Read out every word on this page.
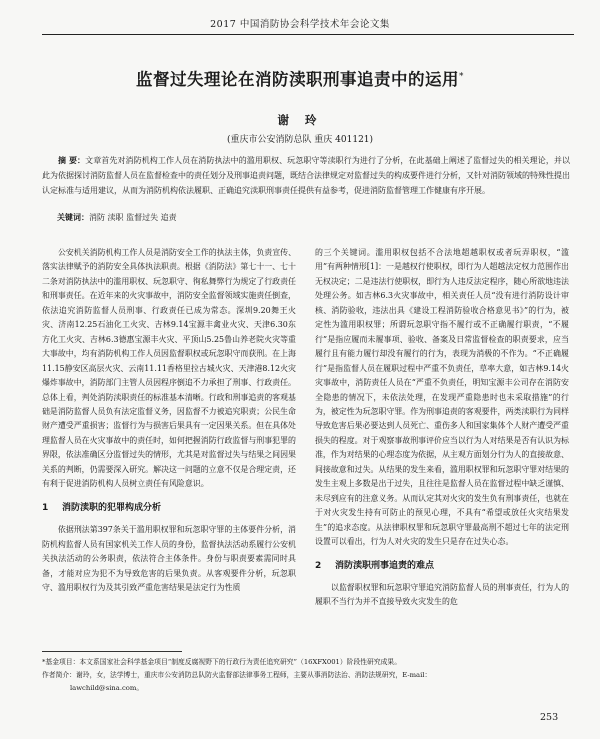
2017 中国消防协会科学技术年会论文集
监督过失理论在消防渎职刑事追责中的运用*
谢 玲
(重庆市公安消防总队 重庆 401121)
摘 要：文章首先对消防机构工作人员在消防执法中的滥用职权、玩忽职守等渎职行为进行了分析，在此基础上阐述了监督过失的相关理论，并以此为依据探讨消防监督人员在监督检查中的责任划分及刑事追责问题，既结合法律规定对监督过失的构成要件进行分析，又针对消防领域的特殊性提出认定标准与适用建议，从而为消防机构依法履职、正确追究渎职刑事责任提供有益参考，促进消防监督管理工作健康有序开展。
关键词：消防 渎职 监督过失 追责

公安机关消防机构工作人员是消防安全工作的执法主体，负责宣传、落实法律赋予的消防安全具体执法职责。根据《消防法》第七十一、七十二条对消防执法中的滥用职权、玩忽职守、徇私舞弊行为规定了行政责任和刑事责任。在近年来的火灾事故中，消防安全监督领域实施责任倒查，依法追究消防监督人员刑事、行政责任已成为常态。深圳9.20舞王火灾、济南12.25石油化工火灾、吉林9.14宝源丰禽业火灾、天津6.30东方化工火灾、吉林6.3德惠宝源丰火灾、平顶山5.25鲁山养老院火灾等重大事故中，均有消防机构工作人员因监督职权或玩忽职守而获刑。在上海11.15静安区高层火灾、云南11.11香格里拉古城火灾、天津港8.12火灾爆炸事故中，消防部门主管人员因程序倒追不力承担了刑事、行政责任。总体上看，判处消防渎职责任的标准基本清晰。行政和刑事追责的客观基础是消防监督人员负有法定监督义务，因监督不力被追究职责；公民生命财产遭受严重损害；监督行为与损害后果具有一定因果关系。但在具体处理监督人员在火灾事故中的责任时，如何把握消防行政监督与刑事犯罪的界限，依法准确区分监督过失的情形，尤其是对监督过失与结果之间因果关系的判断，仍需要深入研究。解决这一问题的立意不仅是合理定责，还有利于促进消防机构人员树立责任有风险意识。

1 消防渎职的犯罪构成分析

依据刑法第397条关于滥用职权罪和玩忽职守罪的主体要件分析，消防机构监督人员有国家机关工作人员的身份，监督执法活动系履行公安机关执法活动的公务职责，依法符合主体条件。身份与职责要素需同时具备，才能对应为犯不为导致危害的后果负责。从客观要件分析，玩忽职守、滥用职权行为及其引致严重危害结果是法定行为性质

的三个关键词。滥用职权包括不合法地超越职权或者玩弄职权，“滥用”有两种情形[1]：一是越权行使职权，即行为人超越法定权力范围作出无权决定；二是违法行使职权，即行为人违反法定程序，随心所欲地违法处理公务。如吉林6.3火灾事故中，相关责任人员“没有进行消防设计审核、消防验收，违法出具《建设工程消防验收合格意见书》”的行为，被定性为滥用职权罪；所谓玩忽职守指不履行或不正确履行职责，“不履行”是指应履而未履事项、验收、备案及日常监督检查的职责要求，应当履行且有能力履行却没有履行的行为，表现为消极的不作为。“不正确履行”是指监督人员在履职过程中严重不负责任，草率大意，如吉林9.14火灾事故中，消防责任人员在“严重不负责任，明知宝源丰公司存在消防安全隐患的情况下，未依法处理，在发现严重隐患时也未采取措施”的行为，被定性为玩忽职守罪。作为刑事追责的客观要件，两类渎职行为同样导致危害后果必要达到人员死亡、重伤多人和国家集体个人财产遭受严重损失的程度。对于观察事故刑事评价应当以行为人对结果是否有认识为标准，作为对结果的心理态度为依据，从主观方面划分行为人的直接故意、间接故意和过失。从结果的发生来看，滥用职权罪和玩忽职守罪对结果的发生主观上多数是出于过失，且往往是监督人员在监督过程中缺乏谨慎、未尽到应有的注意义务。从而认定其对火灾的发生负有刑事责任，也就在于对火灾发生持有可防止的预见心理，不具有“希望或放任火灾结果发生”的追求态度。从法律职权罪和玩忽职守罪最高刑不超过七年的法定刑设置可以看出，行为人对火灾的发生只是存在过失心态。

2 消防渎职刑事追责的难点

以监督职权罪和玩忽职守罪追究消防监督人员的刑事责任，行为人的履职不当行为并不直接导致火灾发生的危

*基金项目：本文系国家社会科学基金项目“制度反腐视野下的行政行为责任追究研究”（16XFX001）阶段性研究成果。

作者简介：谢玲，女，法学博士，重庆市公安消防总队防火监督部法律事务工程师，主要从事消防法治、消防法规研究，E-mail：

lawchild@sina.com。

253
